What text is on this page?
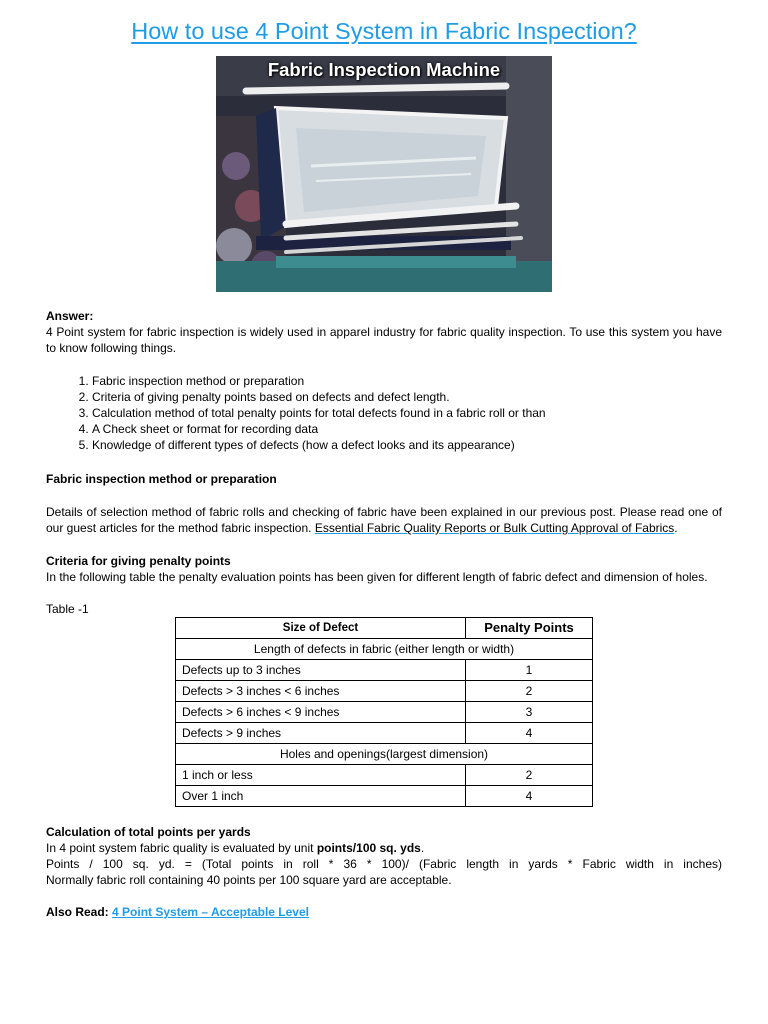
How to use 4 Point System in Fabric Inspection?
Fabric Inspection Machine
Answer:
4 Point system for fabric inspection is widely used in apparel industry for fabric quality inspection. To use this system you have to know following things.
1. Fabric inspection method or preparation
2. Criteria of giving penalty points based on defects and defect length.
3. Calculation method of total penalty points for total defects found in a fabric roll or than
4. A Check sheet or format for recording data
5. Knowledge of different types of defects (how a defect looks and its appearance)
Fabric inspection method or preparation
Details of selection method of fabric rolls and checking of fabric have been explained in our previous post. Please read one of our guest articles for the method fabric inspection. Essential Fabric Quality Reports or Bulk Cutting Approval of Fabrics.
Criteria for giving penalty points
In the following table the penalty evaluation points has been given for different length of fabric defect and dimension of holes.
Table -1
Size of Defect	Penalty Points
Length of defects in fabric (either length or width)	
Defects up to 3 inches	1
Defects > 3 inches < 6 inches	2
Defects > 6 inches < 9 inches	3
Defects > 9 inches	4
Holes and openings(largest dimension)	
1 inch or less	2
Over 1 inch	4
Calculation of total points per yards
In 4 point system fabric quality is evaluated by unit points/100 sq. yds.
Points / 100 sq. yd. = (Total points in roll * 36 * 100)/ (Fabric length in yards * Fabric width in inches)
Normally fabric roll containing 40 points per 100 square yard are acceptable.
Also Read: 4 Point System – Acceptable Level
